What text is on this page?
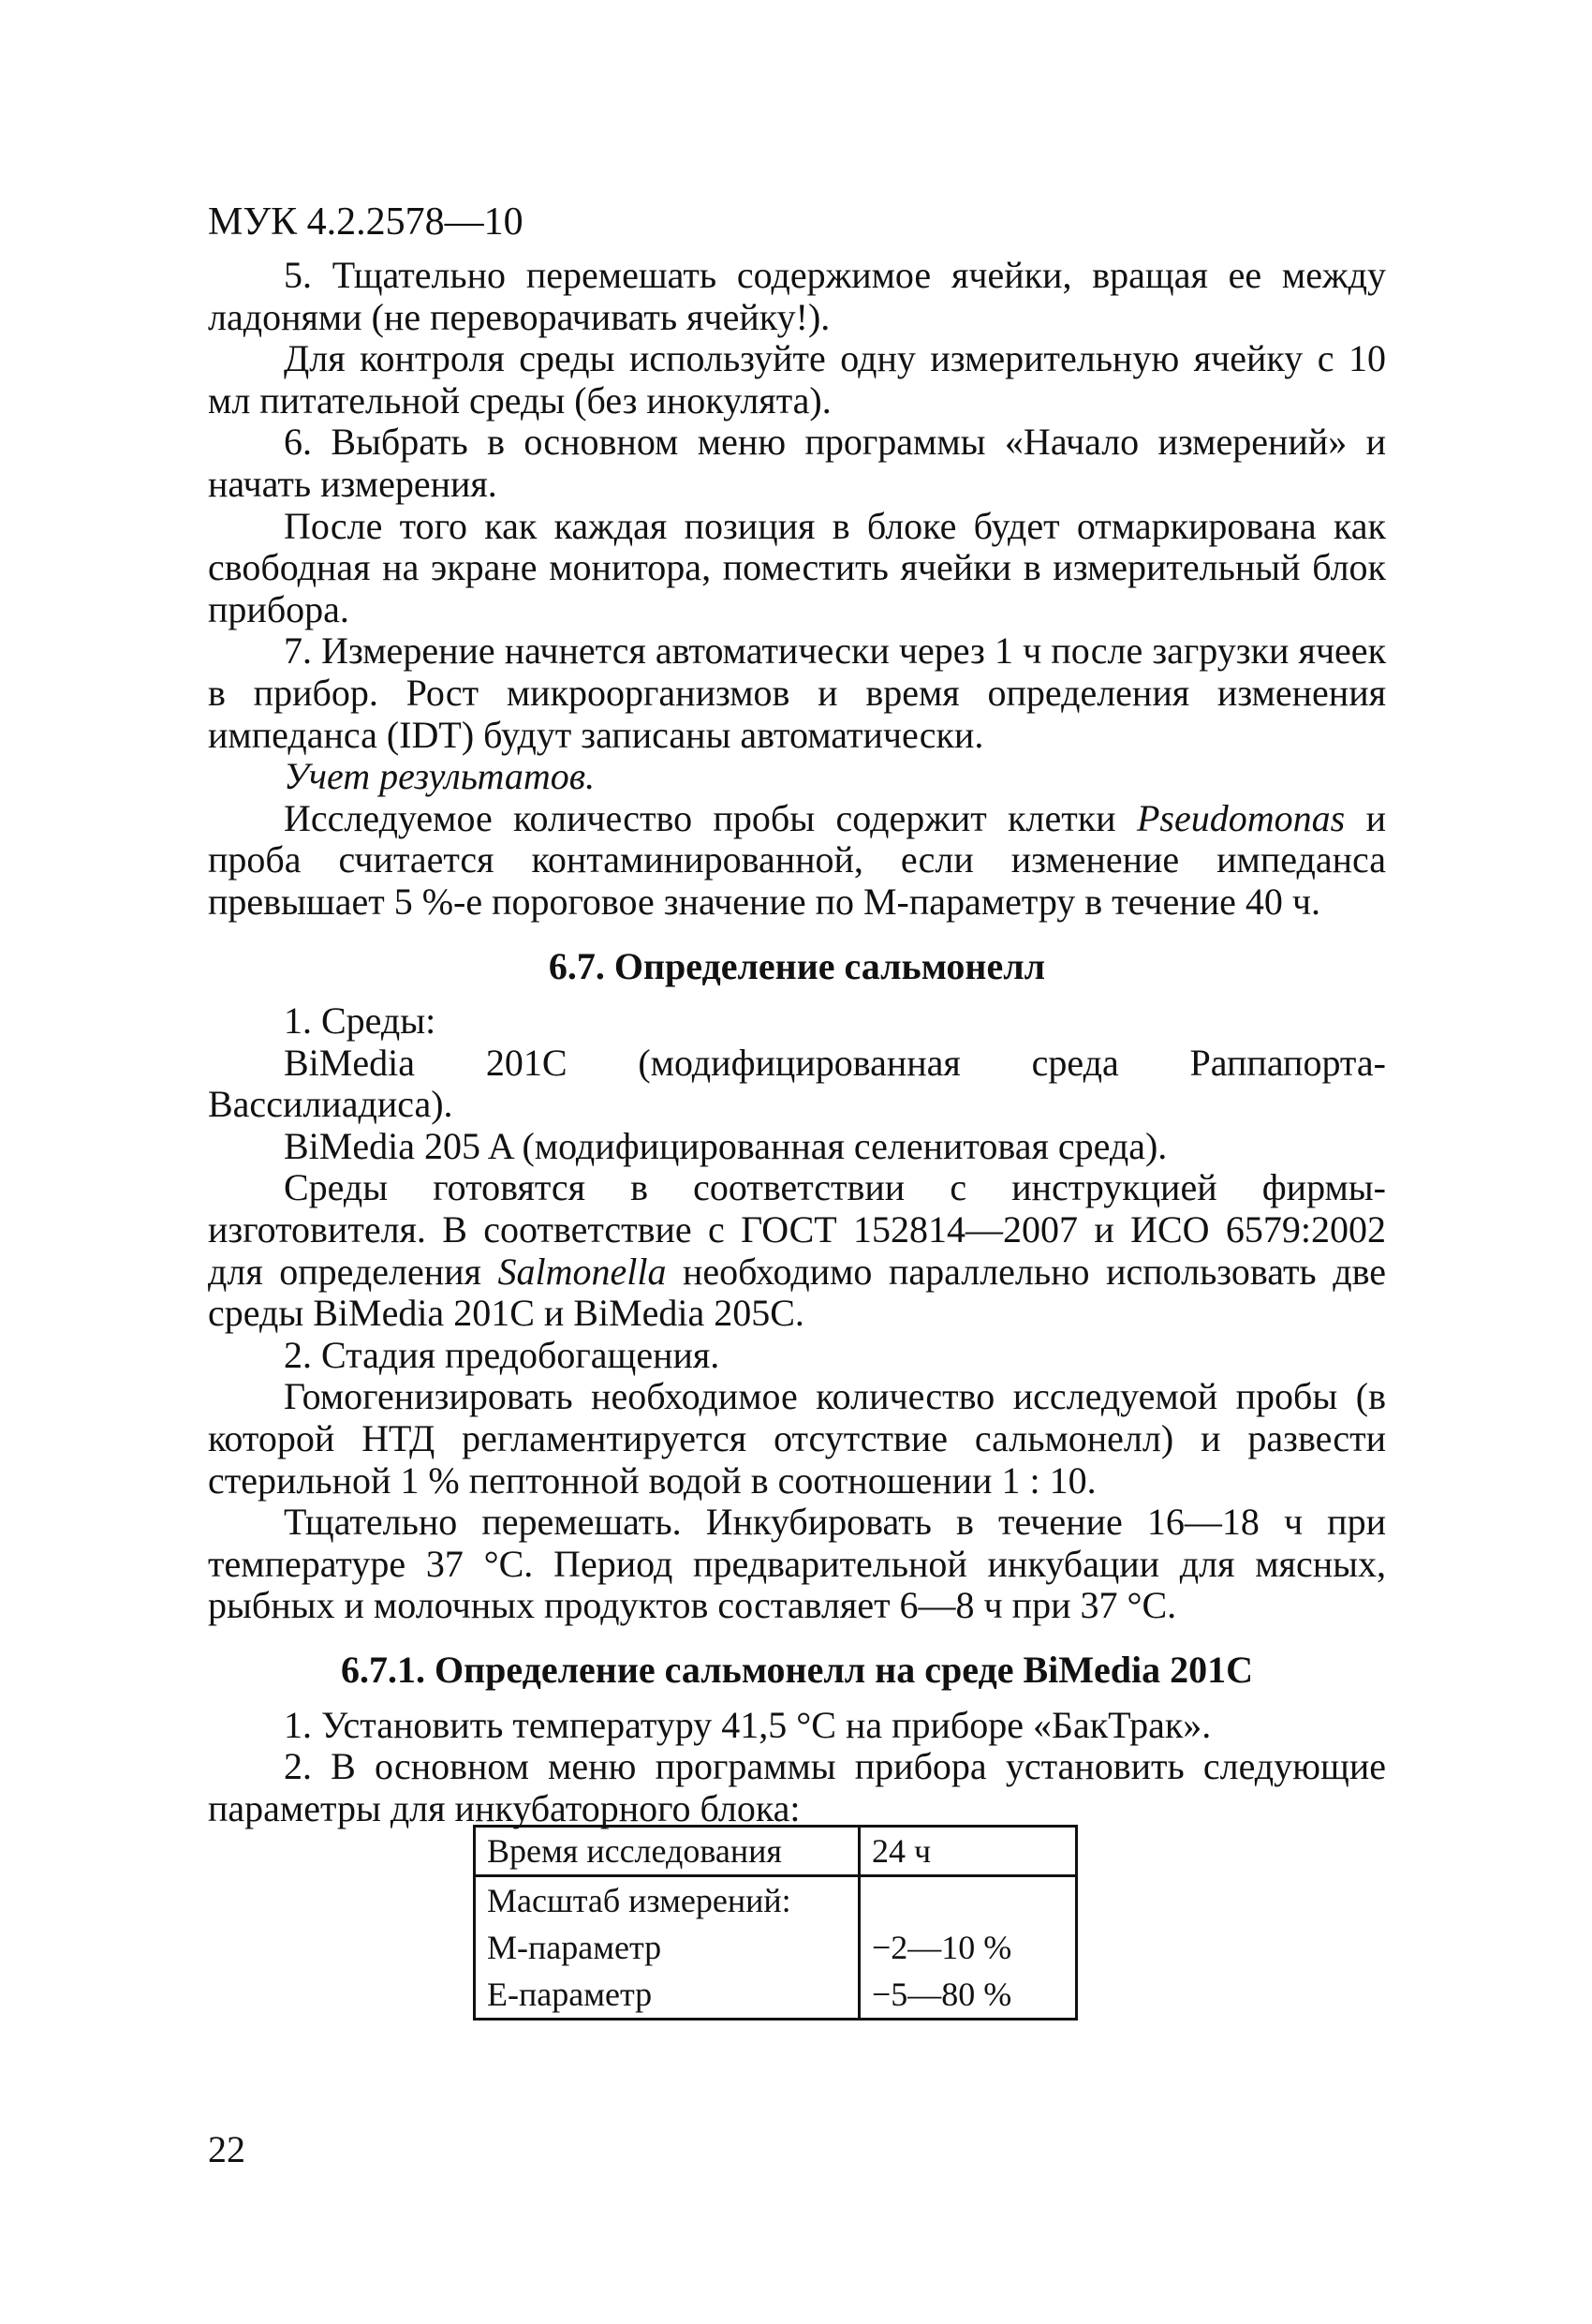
МУК 4.2.2578—10

5. Тщательно перемешать содержимое ячейки, вращая ее между ладонями (не переворачивать ячейку!).

Для контроля среды используйте одну измерительную ячейку с 10 мл питательной среды (без инокулята).

6. Выбрать в основном меню программы «Начало измерений» и начать измерения.

После того как каждая позиция в блоке будет отмаркирована как свободная на экране монитора, поместить ячейки в измерительный блок прибора.

7. Измерение начнется автоматически через 1 ч после загрузки ячеек в прибор. Рост микроорганизмов и время определения изменения импеданса (IDT) будут записаны автоматически.

Учет результатов.

Исследуемое количество пробы содержит клетки Pseudomonas и проба считается контаминированной, если изменение импеданса превышает 5 %-е пороговое значение по М-параметру в течение 40 ч.

6.7. Определение сальмонелл

1. Среды:

BiMedia 201C (модифицированная среда Раппапорта-
Вассилиадиса).

BiMedia 205 A (модифицированная селенитовая среда).

Среды готовятся в соответствии с инструкцией фирмы-изготовителя. В соответствие с ГОСТ 152814—2007 и ИСО 6579:2002 для определения Salmonella необходимо параллельно использовать две среды BiMedia 201C и BiMedia 205C.

2. Стадия предобогащения.

Гомогенизировать необходимое количество исследуемой пробы (в которой НТД регламентируется отсутствие сальмонелл) и развести стерильной 1 % пептонной водой в соотношении 1 : 10.

Тщательно перемешать. Инкубировать в течение 16—18 ч при температуре 37 °С. Период предварительной инкубации для мясных, рыбных и молочных продуктов составляет 6—8 ч при 37 °С.

6.7.1. Определение сальмонелл на среде BiMedia 201C

1. Установить температуру 41,5 °С на приборе «БакТрак».

2. В основном меню программы прибора установить следующие параметры для инкубаторного блока:

Время исследования	24 ч
Масштаб измерений:	
М-параметр	−2—10 %
Е-параметр	−5—80 %
22
